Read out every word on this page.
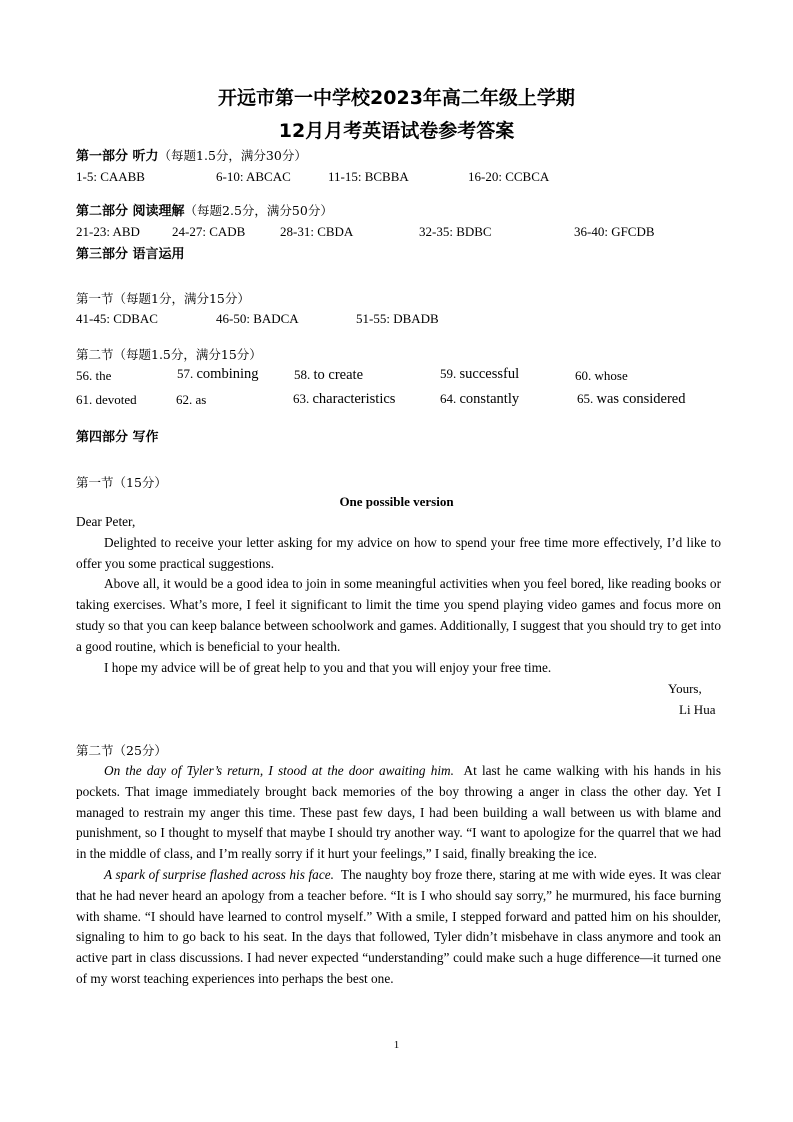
开远市第一中学校2023年高二年级上学期
12月月考英语试卷参考答案
第一部分 听力（每题1.5分，满分30分）
1-5: CAABB	6-10: ABCAC	11-15: BCBBA	16-20: CCBCA
第二部分 阅读理解（每题2.5分，满分50分）
21-23: ABD 24-27: CADB	28-31: CBDA	32-35: BDBC	36-40: GFCDB
第三部分 语言运用
第一节（每题1分，满分15分）
41-45: CDBAC	46-50: BADCA	51-55: DBADB
第二节（每题1.5分，满分15分）
56. the	57. combining	58. to create	59. successful	60. whose
61. devoted	62. as	63. characteristics	64. constantly	65. was considered
第四部分 写作
第一节（15分）
One possible version

Dear Peter,

Delighted to receive your letter asking for my advice on how to spend your free time more effectively, I’d like to offer you some practical suggestions.

Above all, it would be a good idea to join in some meaningful activities when you feel bored, like reading books or taking exercises. What’s more, I feel it significant to limit the time you spend playing video games and focus more on study so that you can keep balance between schoolwork and games. Additionally, I suggest that you should try to get into a good routine, which is beneficial to your health.

I hope my advice will be of great help to you and that you will enjoy your free time.

Yours,
Li Hua
第二节（25分）

On the day of Tyler’s return, I stood at the door awaiting him. At last he came walking with his hands in his pockets. That image immediately brought back memories of the boy throwing a anger in class the other day. Yet I managed to restrain my anger this time. These past few days, I had been building a wall between us with blame and punishment, so I thought to myself that maybe I should try another way. “I want to apologize for the quarrel that we had in the middle of class, and I’m really sorry if it hurt your feelings,” I said, finally breaking the ice.

A spark of surprise flashed across his face. The naughty boy froze there, staring at me with wide eyes. It was clear that he had never heard an apology from a teacher before. “It is I who should say sorry,” he murmured, his face burning with shame. “I should have learned to control myself.” With a smile, I stepped forward and patted him on his shoulder, signaling to him to go back to his seat. In the days that followed, Tyler didn’t misbehave in class anymore and took an active part in class discussions. I had never expected “understanding” could make such a huge difference—it turned one of my worst teaching experiences into perhaps the best one.

1
